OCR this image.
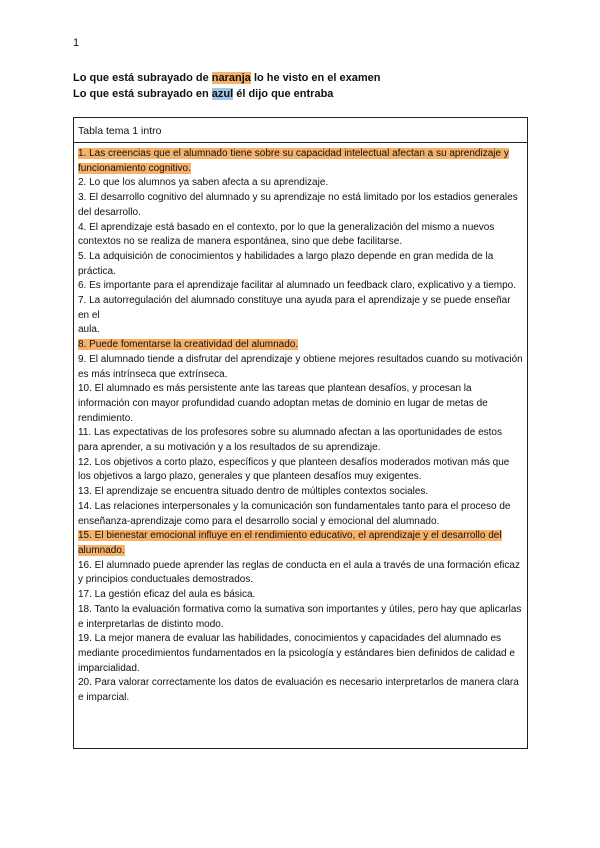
1
Lo que está subrayado de naranja lo he visto en el examen
Lo que está subrayado en azul él dijo que entraba
Tabla tema 1 intro
1. Las creencias que el alumnado tiene sobre su capacidad intelectual afectan a su aprendizaje y funcionamiento cognitivo.
2. Lo que los alumnos ya saben afecta a su aprendizaje.
3. El desarrollo cognitivo del alumnado y su aprendizaje no está limitado por los estadios generales del desarrollo.
4. El aprendizaje está basado en el contexto, por lo que la generalización del mismo a nuevos contextos no se realiza de manera espontánea, sino que debe facilitarse.
5. La adquisición de conocimientos y habilidades a largo plazo depende en gran medida de la práctica.
6. Es importante para el aprendizaje facilitar al alumnado un feedback claro, explicativo y a tiempo.
7. La autorregulación del alumnado constituye una ayuda para el aprendizaje y se puede enseñar en el
aula.
8. Puede fomentarse la creatividad del alumnado.
9. El alumnado tiende a disfrutar del aprendizaje y obtiene mejores resultados cuando su motivación es más intrínseca que extrínseca.
10. El alumnado es más persistente ante las tareas que plantean desafíos, y procesan la información con mayor profundidad cuando adoptan metas de dominio en lugar de metas de rendimiento.
11. Las expectativas de los profesores sobre su alumnado afectan a las oportunidades de estos para aprender, a su motivación y a los resultados de su aprendizaje.
12. Los objetivos a corto plazo, específicos y que planteen desafíos moderados motivan más que los objetivos a largo plazo, generales y que planteen desafíos muy exigentes.
13. El aprendizaje se encuentra situado dentro de múltiples contextos sociales.
14. Las relaciones interpersonales y la comunicación son fundamentales tanto para el proceso de enseñanza-aprendizaje como para el desarrollo social y emocional del alumnado.
15. El bienestar emocional influye en el rendimiento educativo, el aprendizaje y el desarrollo del alumnado.
16. El alumnado puede aprender las reglas de conducta en el aula a través de una formación eficaz y principios conductuales demostrados.
17. La gestión eficaz del aula es básica.
18. Tanto la evaluación formativa como la sumativa son importantes y útiles, pero hay que aplicarlas e interpretarlas de distinto modo.
19. La mejor manera de evaluar las habilidades, conocimientos y capacidades del alumnado es mediante procedimientos fundamentados en la psicología y estándares bien definidos de calidad e imparcialidad.
20. Para valorar correctamente los datos de evaluación es necesario interpretarlos de manera clara e imparcial.
